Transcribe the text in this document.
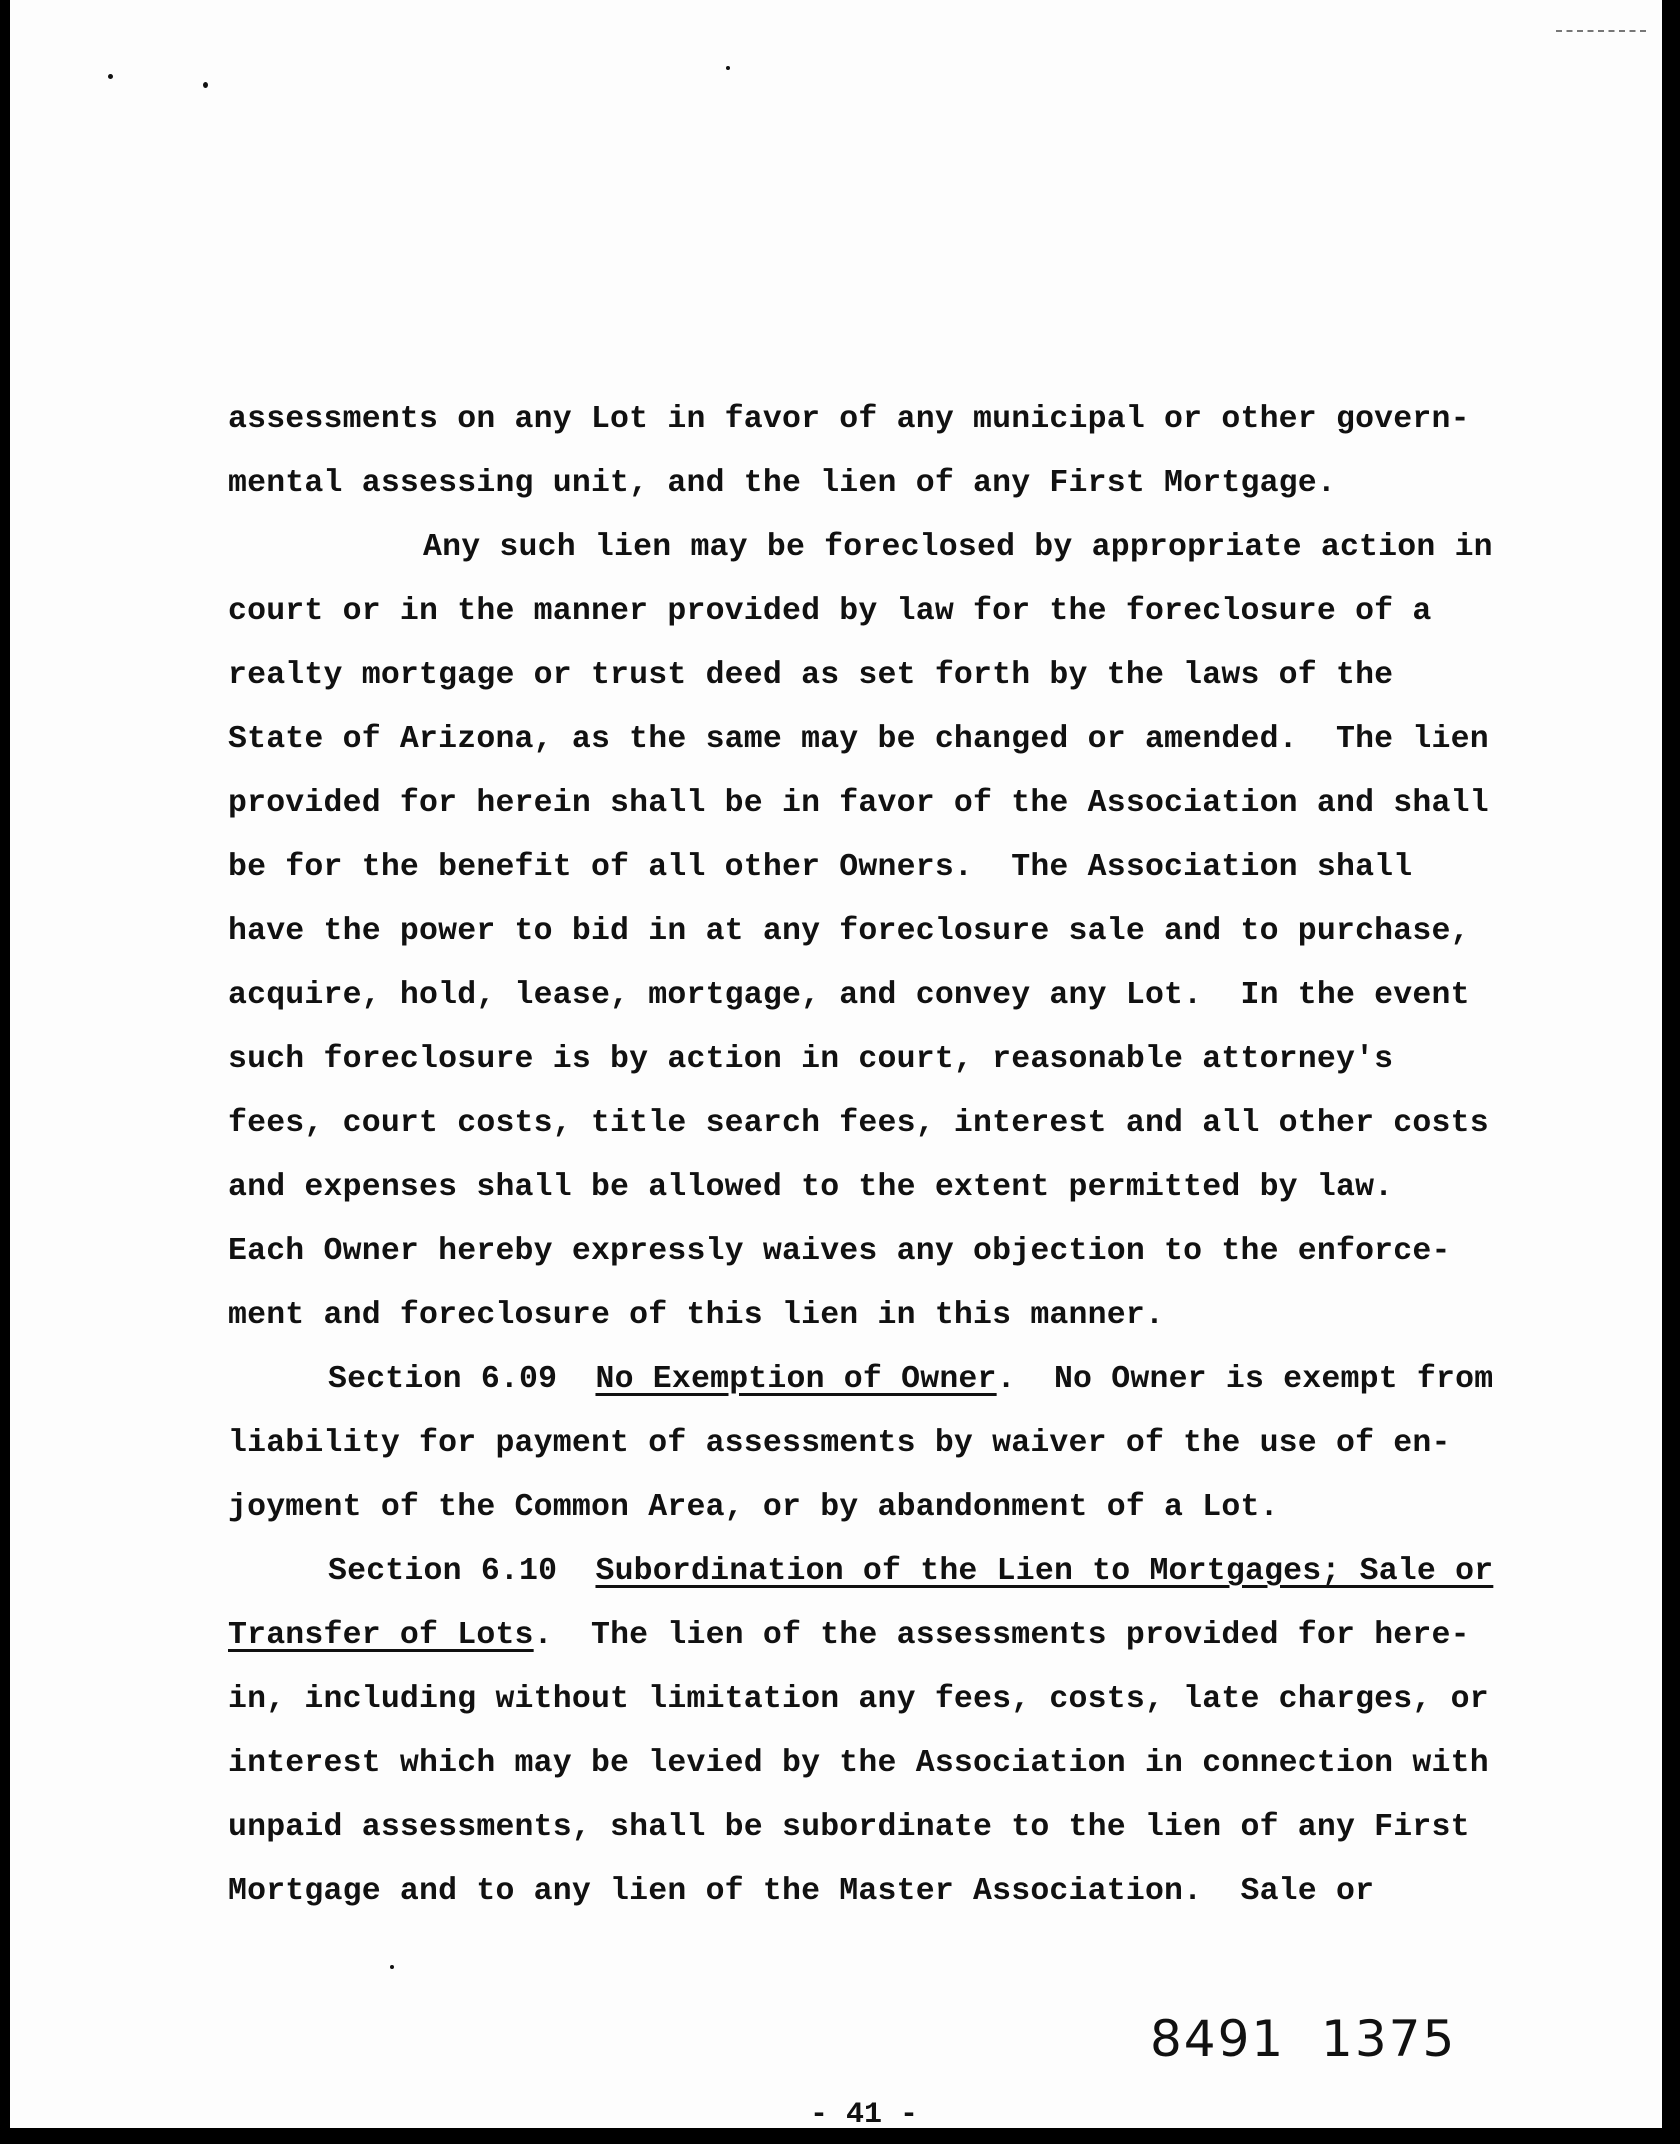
assessments on any Lot in favor of any municipal or other govern-
mental assessing unit, and the lien of any First Mortgage.
Any such lien may be foreclosed by appropriate action in
court or in the manner provided by law for the foreclosure of a
realty mortgage or trust deed as set forth by the laws of the
State of Arizona, as the same may be changed or amended.  The lien
provided for herein shall be in favor of the Association and shall
be for the benefit of all other Owners.  The Association shall
have the power to bid in at any foreclosure sale and to purchase,
acquire, hold, lease, mortgage, and convey any Lot.  In the event
such foreclosure is by action in court, reasonable attorney's
fees, court costs, title search fees, interest and all other costs
and expenses shall be allowed to the extent permitted by law.
Each Owner hereby expressly waives any objection to the enforce-
ment and foreclosure of this lien in this manner.
Section 6.09 No Exemption of Owner.  No Owner is exempt from
liability for payment of assessments by waiver of the use of en-
joyment of the Common Area, or by abandonment of a Lot.
Section 6.10 Subordination of the Lien to Mortgages; Sale or
Transfer of Lots.  The lien of the assessments provided for here-
in, including without limitation any fees, costs, late charges, or
interest which may be levied by the Association in connection with
unpaid assessments, shall be subordinate to the lien of any First
Mortgage and to any lien of the Master Association.  Sale or
8491  1375
- 41 -
